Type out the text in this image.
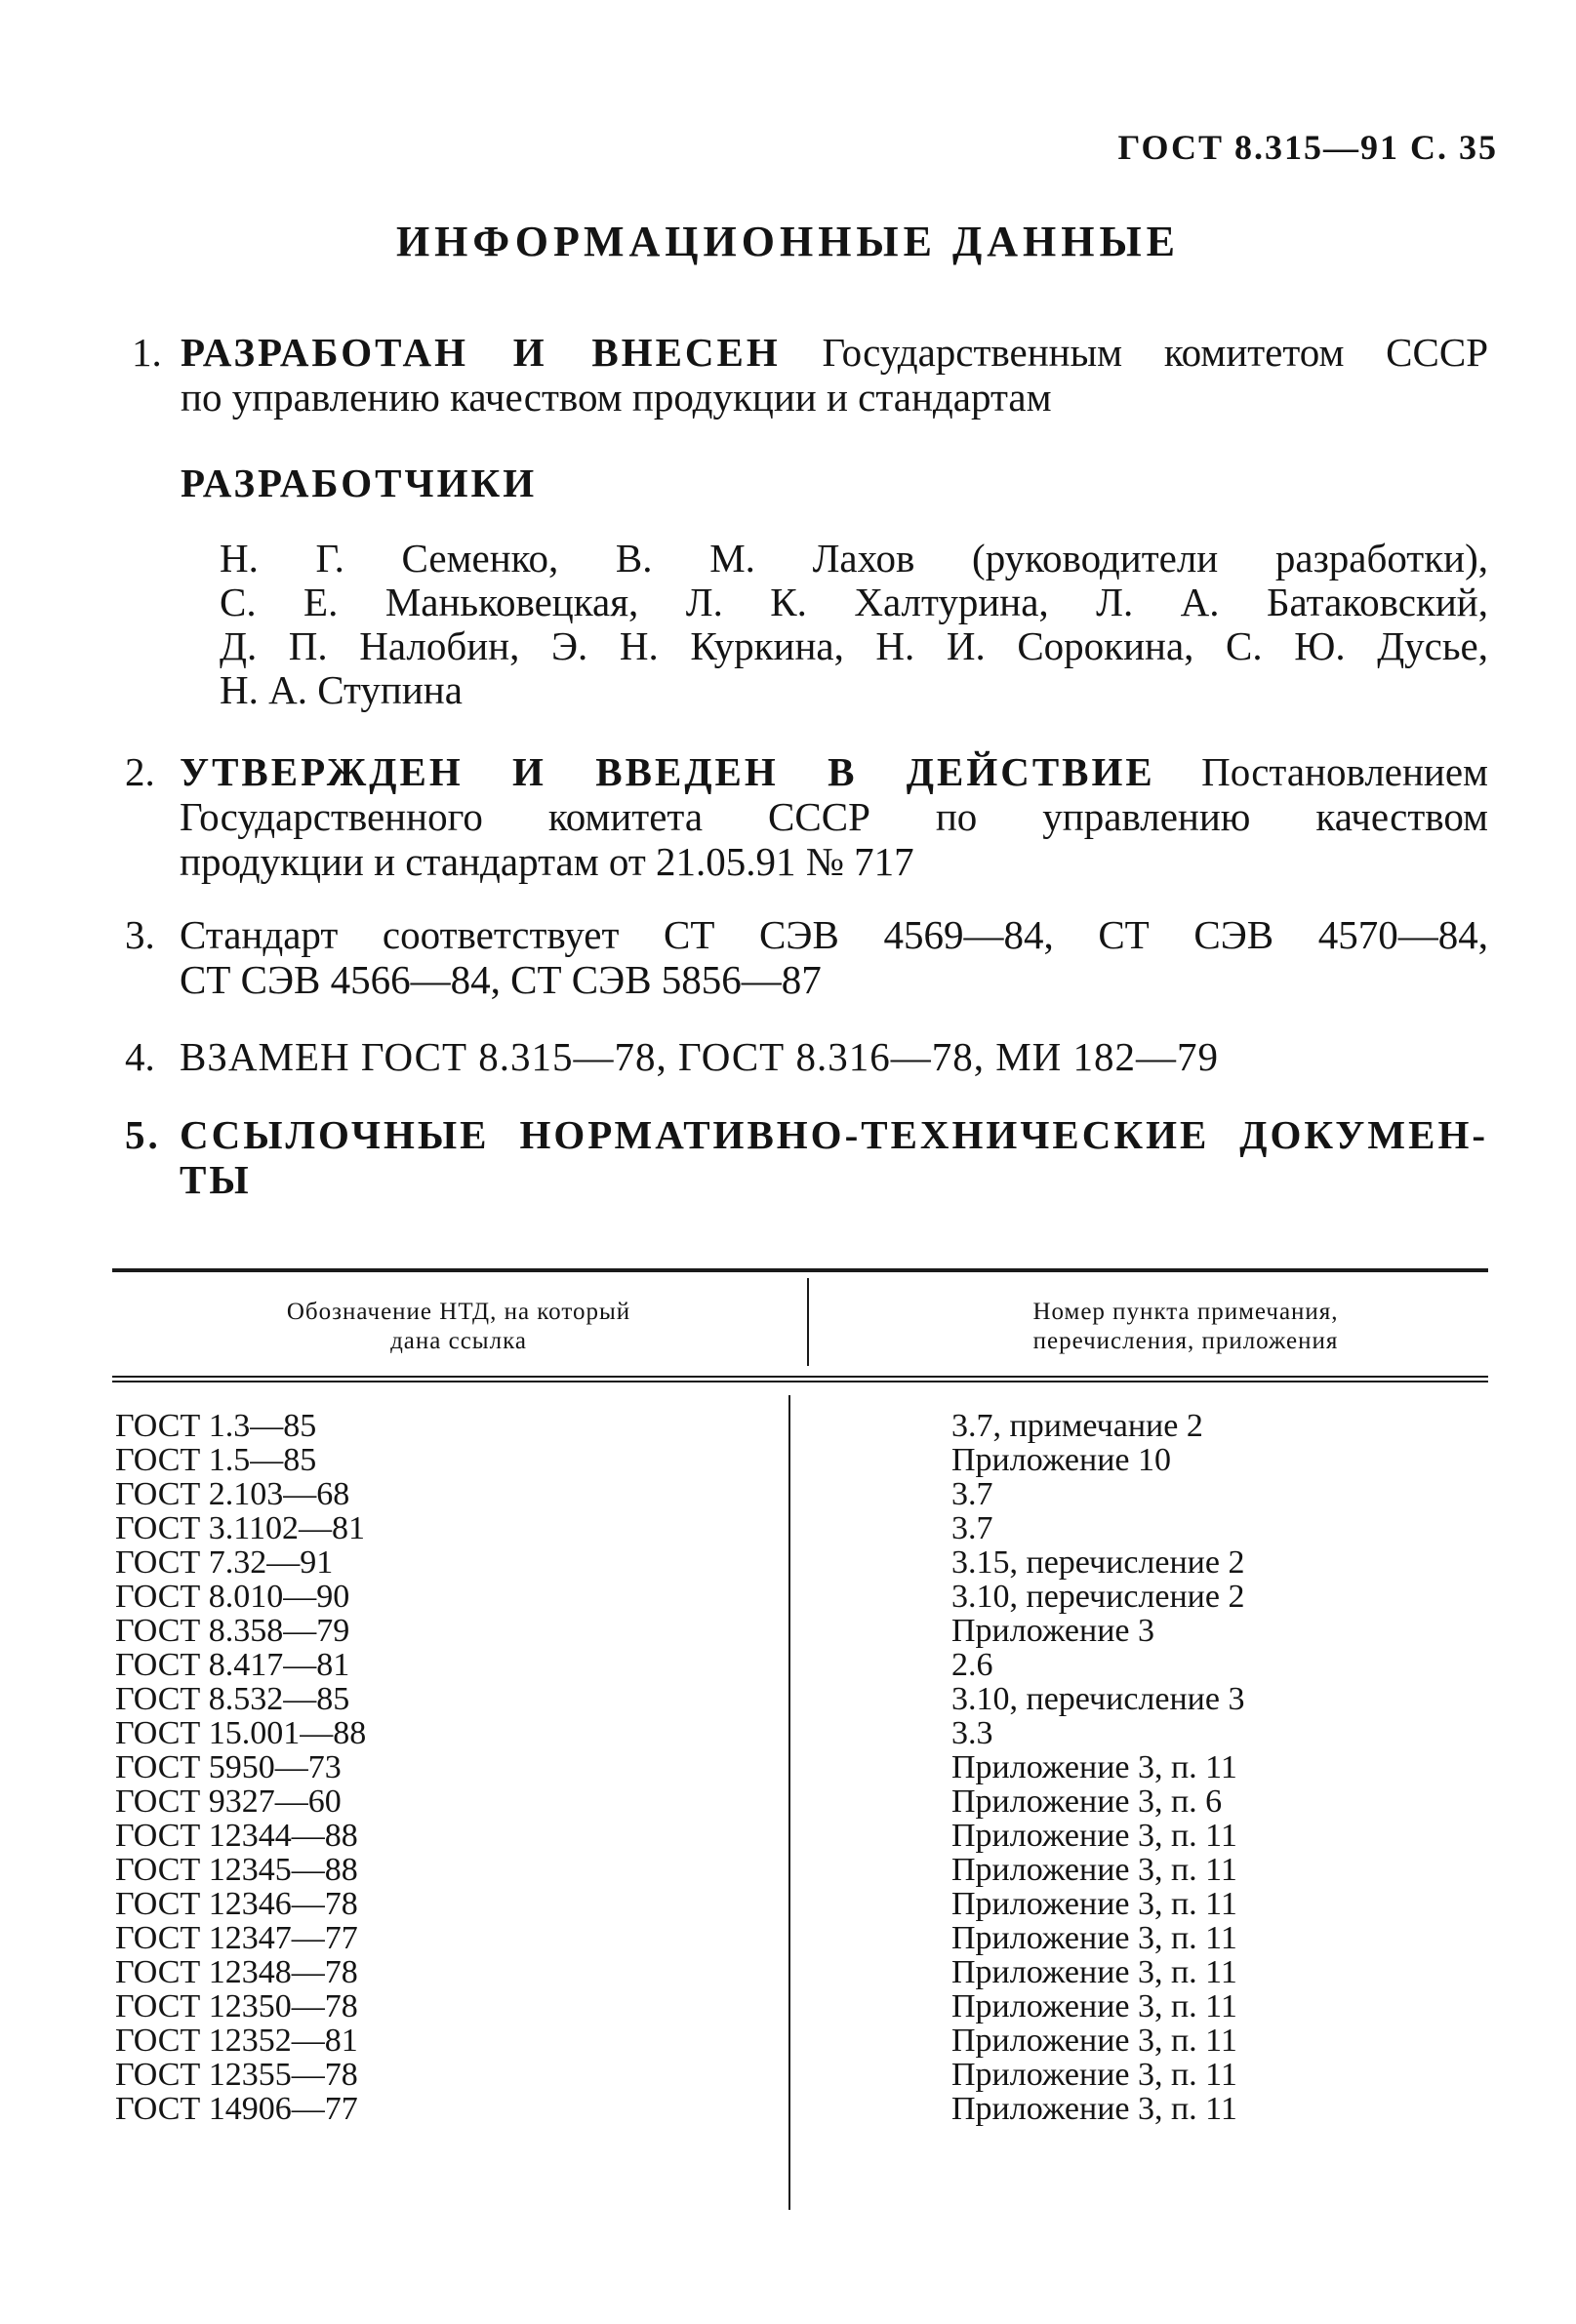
ГОСТ 8.315—91 С. 35
ИНФОРМАЦИОННЫЕ ДАННЫЕ
1. РАЗРАБОТАН И ВНЕСЕН Государственным комитетом СССР
по управлению качеством продукции и стандартам
РАЗРАБОТЧИКИ
Н. Г. Семенко, В. М. Лахов (руководители разработки),
С. Е. Маньковецкая, Л. К. Халтурина, Л. А. Батаковский,
Д. П. Налобин, Э. Н. Куркина, Н. И. Сорокина, С. Ю. Дусье,
Н. А. Ступина
2. УТВЕРЖДЕН И ВВЕДЕН В ДЕЙСТВИЕ Постановлением
Государственного комитета СССР по управлению качеством
продукции и стандартам от 21.05.91 № 717
3. Стандарт соответствует СТ СЭВ 4569—84, СТ СЭВ 4570—84,
СТ СЭВ 4566—84, СТ СЭВ 5856—87
4. ВЗАМЕН ГОСТ 8.315—78, ГОСТ 8.316—78, МИ 182—79
5. ССЫЛОЧНЫЕ НОРМАТИВНО-ТЕХНИЧЕСКИЕ ДОКУМЕН-
ТЫ
Обозначение НТД, на который
дана ссылка
Номер пункта примечания,
перечисления, приложения
ГОСТ 1.3—85
ГОСТ 1.5—85
ГОСТ 2.103—68
ГОСТ 3.1102—81
ГОСТ 7.32—91
ГОСТ 8.010—90
ГОСТ 8.358—79
ГОСТ 8.417—81
ГОСТ 8.532—85
ГОСТ 15.001—88
ГОСТ 5950—73
ГОСТ 9327—60
ГОСТ 12344—88
ГОСТ 12345—88
ГОСТ 12346—78
ГОСТ 12347—77
ГОСТ 12348—78
ГОСТ 12350—78
ГОСТ 12352—81
ГОСТ 12355—78
ГОСТ 14906—77
3.7, примечание 2
Приложение 10
3.7
3.7
3.15, перечисление 2
3.10, перечисление 2
Приложение 3
2.6
3.10, перечисление 3
3.3
Приложение 3, п. 11
Приложение 3, п. 6
Приложение 3, п. 11
Приложение 3, п. 11
Приложение 3, п. 11
Приложение 3, п. 11
Приложение 3, п. 11
Приложение 3, п. 11
Приложение 3, п. 11
Приложение 3, п. 11
Приложение 3, п. 11
